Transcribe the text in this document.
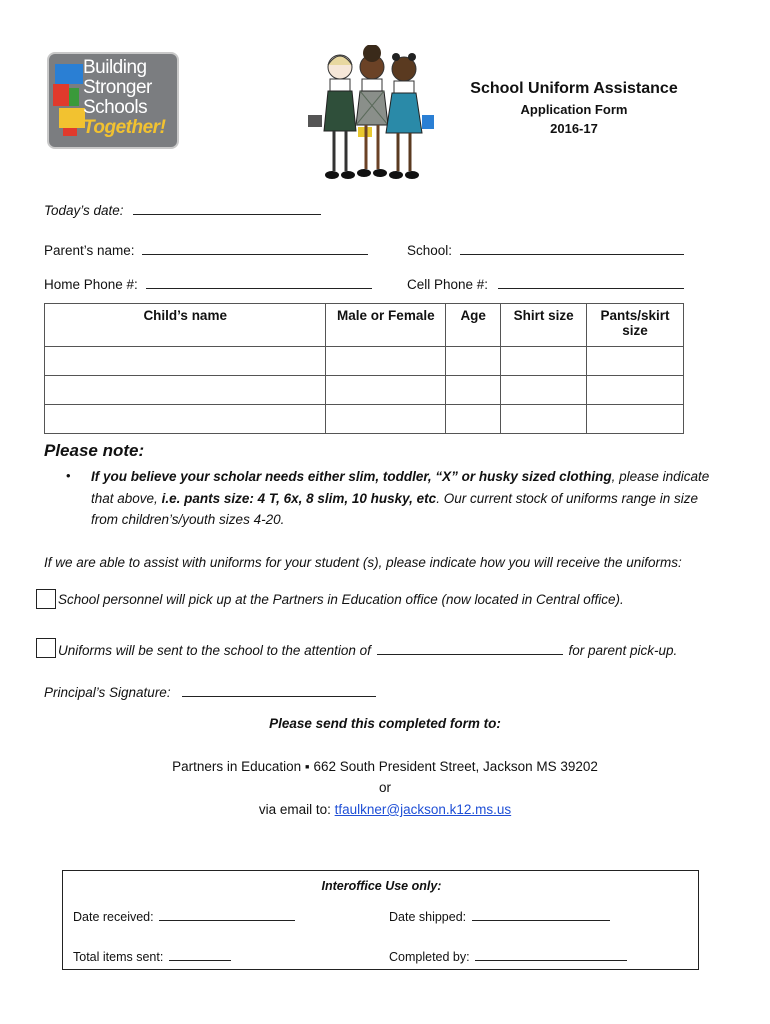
Building
Stronger
Schools
Together!
School Uniform Assistance
Application Form
2016-17
Today’s date:
Parent’s name:	School:
Home Phone #:	Cell Phone #:
Child’s name	Male or Female	Age	Shirt size	Pants/skirt size

Please note:
• If you believe your scholar needs either slim, toddler, “X” or husky sized clothing, please indicate that above, i.e. pants size: 4 T, 6x, 8 slim, 10 husky, etc. Our current stock of uniforms range in size from children’s/youth sizes 4-20.
If we are able to assist with uniforms for your student (s), please indicate how you will receive the uniforms:
School personnel will pick up at the Partners in Education office (now located in Central office).
Uniforms will be sent to the school to the attention of	for parent pick-up.
Principal’s Signature:
Please send this completed form to:
Partners in Education ▪ 662 South President Street, Jackson MS 39202
or
via email to: tfaulkner@jackson.k12.ms.us
Interoffice Use only:
Date received:	Date shipped:
Total items sent:	Completed by:
